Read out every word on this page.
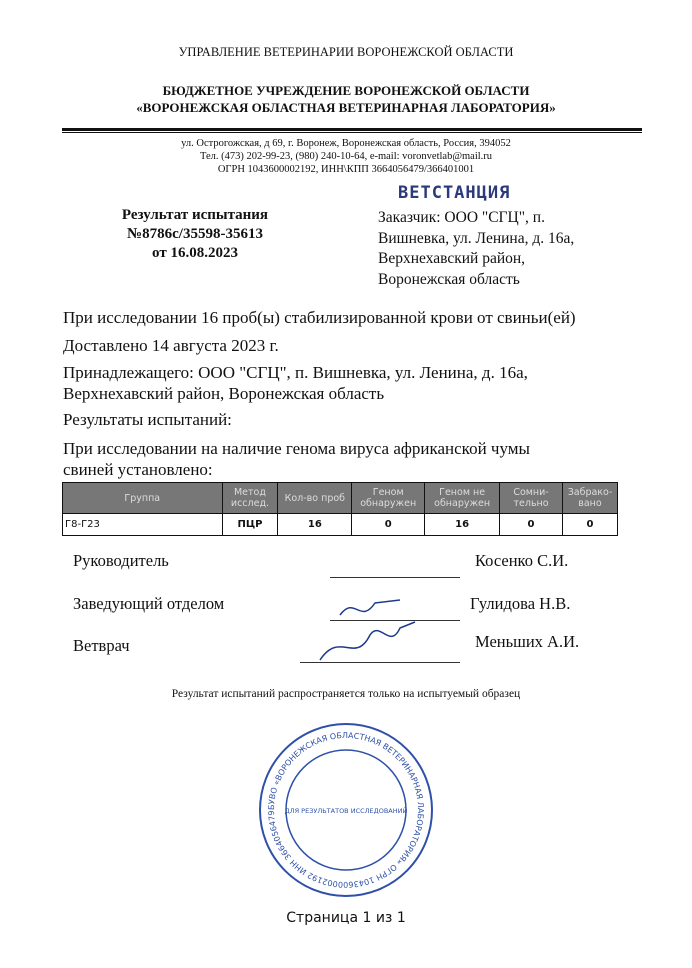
УПРАВЛЕНИЕ ВЕТЕРИНАРИИ ВОРОНЕЖСКОЙ ОБЛАСТИ
БЮДЖЕТНОЕ УЧРЕЖДЕНИЕ ВОРОНЕЖСКОЙ ОБЛАСТИ
«ВОРОНЕЖСКАЯ ОБЛАСТНАЯ ВЕТЕРИНАРНАЯ ЛАБОРАТОРИЯ»
ул. Острогожская, д 69, г. Воронеж, Воронежская область, Россия, 394052
Тел. (473) 202-99-23, (980) 240-10-64, e-mail: voronvetlab@mail.ru
ОГРН 1043600002192, ИНН\КПП 3664056479/366401001
Результат испытания
№8786с/35598-35613
от 16.08.2023
ВЕТСТАНЦИЯ
Заказчик: ООО "СГЦ", п.
Вишневка, ул. Ленина, д. 16а,
Верхнехавский район,
Воронежская область
При исследовании 16 проб(ы) стабилизированной крови от свиньи(ей)
Доставлено 14 августа 2023 г.
Принадлежащего: ООО "СГЦ", п. Вишневка, ул. Ленина, д. 16а,
Верхнехавский район, Воронежская область
Результаты испытаний:
При исследовании на наличие генома вируса африканской чумы
свиней установлено:
Группа	Метод исслед.	Кол-во проб	Геном обнаружен	Геном не обнаружен	Сомни-тельно	Забрако-вано
Г8-Г23	ПЦР	16	0	16	0	0
Руководитель	Косенко С.И.
Заведующий отделом	Гулидова Н.В.
Ветврач	Меньших А.И.
БУВО «ВОРОНЕЖСКАЯ ОБЛАСТНАЯ ВЕТЕРИНАРНАЯ ЛАБОРАТОРИЯ» ОГРН 1043600002192 ИНН 3664056479	ДЛЯ РЕЗУЛЬТАТОВ ИССЛЕДОВАНИЙ
Результат испытаний распространяется только на испытуемый образец
Страница 1 из 1
